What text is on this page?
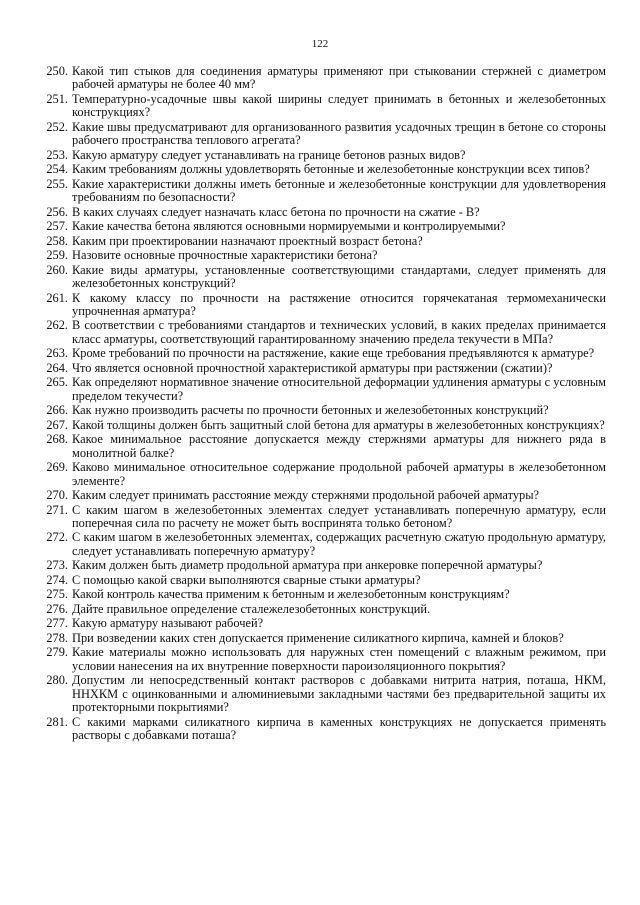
122
250. Какой тип стыков для соединения арматуры применяют при стыковании стержней с диаметром рабочей арматуры не более 40 мм?
251. Температурно-усадочные швы какой ширины следует принимать в бетонных и железобетонных конструкциях?
252. Какие швы предусматривают для организованного развития усадочных трещин в бетоне со стороны рабочего пространства теплового агрегата?
253. Какую арматуру следует устанавливать на границе бетонов разных видов?
254. Каким требованиям должны удовлетворять бетонные и железобетонные конструкции всех типов?
255. Какие характеристики должны иметь бетонные и железобетонные конструкции для удовлетворения требованиям по безопасности?
256. В каких случаях следует назначать класс бетона по прочности на сжатие - В?
257. Какие качества бетона являются основными нормируемыми и контролируемыми?
258. Каким при проектировании назначают проектный возраст бетона?
259. Назовите основные прочностные характеристики бетона?
260. Какие виды арматуры, установленные соответствующими стандартами, следует применять для железобетонных конструкций?
261. К какому классу по прочности на растяжение относится горячекатаная термомеханически упрочненная арматура?
262. В соответствии с требованиями стандартов и технических условий, в каких пределах принимается класс арматуры, соответствующий гарантированному значению предела текучести в МПа?
263. Кроме требований по прочности на растяжение, какие еще требования предъявляются к арматуре?
264. Что является основной прочностной характеристикой арматуры при растяжении (сжатии)?
265. Как определяют нормативное значение относительной деформации удлинения арматуры с условным пределом текучести?
266. Как нужно производить расчеты по прочности бетонных и железобетонных конструкций?
267. Какой толщины должен быть защитный слой бетона для арматуры в железобетонных конструкциях?
268. Какое минимальное расстояние допускается между стержнями арматуры для нижнего ряда в монолитной балке?
269. Каково минимальное относительное содержание продольной рабочей арматуры в железобетонном элементе?
270. Каким следует принимать расстояние между стержнями продольной рабочей арматуры?
271. С каким шагом в железобетонных элементах следует устанавливать поперечную арматуру, если поперечная сила по расчету не может быть воспринята только бетоном?
272. С каким шагом в железобетонных элементах, содержащих расчетную сжатую продольную арматуру, следует устанавливать поперечную арматуру?
273. Каким должен быть диаметр продольной арматура при анкеровке поперечной арматуры?
274. С помощью какой сварки выполняются сварные стыки арматуры?
275. Какой контроль качества применим к бетонным и железобетонным конструкциям?
276. Дайте правильное определение сталежелезобетонных конструкций.
277. Какую арматуру называют рабочей?
278. При возведении каких стен допускается применение силикатного кирпича, камней и блоков?
279. Какие материалы можно использовать для наружных стен помещений с влажным режимом, при условии нанесения на их внутренние поверхности пароизоляционного покрытия?
280. Допустим ли непосредственный контакт растворов с добавками нитрита натрия, поташа, НКМ, ННХКМ с оцинкованными и алюминиевыми закладными частями без предварительной защиты их протекторными покрытиями?
281. С какими марками силикатного кирпича в каменных конструкциях не допускается применять растворы с добавками поташа?
